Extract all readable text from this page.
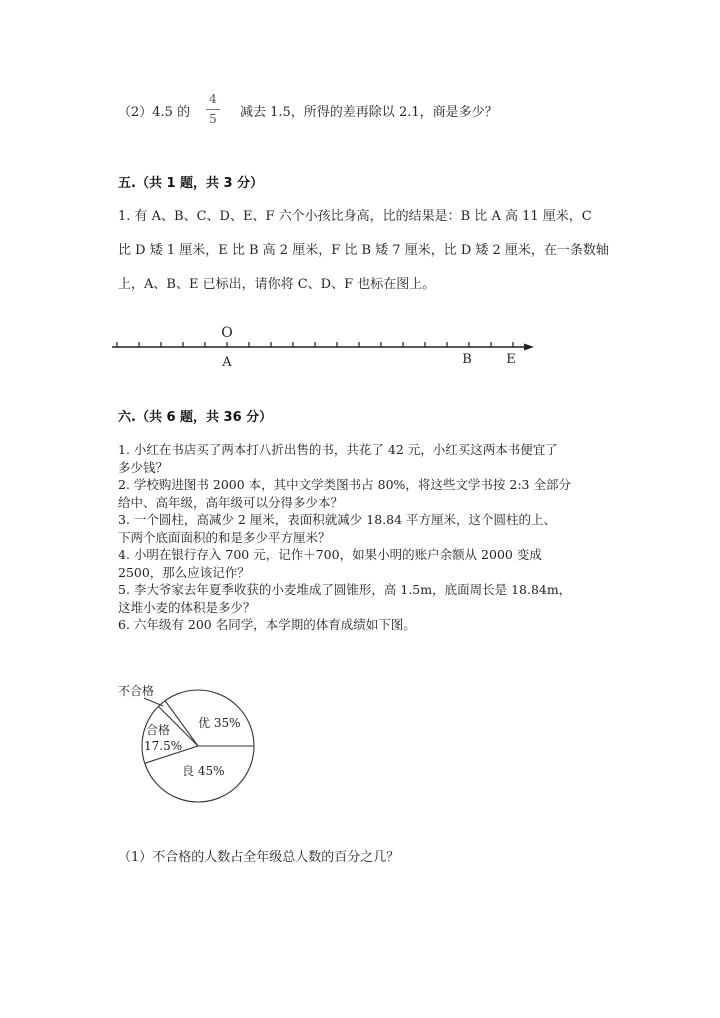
（2）4.5 的
4
5 减去 1.5，所得的差再除以 2.1，商是多少？
五.（共 1 题，共 3 分）
1. 有 A、B、C、D、E、F 六个小孩比身高，比的结果是：B 比 A 高 11 厘米，C
比 D 矮 1 厘米，E 比 B 高 2 厘米，F 比 B 矮 7 厘米，比 D 矮 2 厘米，在一条数轴
上，A、B、E 已标出，请你将 C、D、F 也标在图上。
O
A	B	E
六.（共 6 题，共 36 分）
1. 小红在书店买了两本打八折出售的书，共花了 42 元，小红买这两本书便宜了
多少钱？
2. 学校购进图书 2000 本，其中文学类图书占 80%，将这些文学书按 2:3 全部分
给中、高年级，高年级可以分得多少本？
3. 一个圆柱，高减少 2 厘米，表面积就减少 18.84 平方厘米，这个圆柱的上、
下两个底面面积的和是多少平方厘米？
4. 小明在银行存入 700 元，记作＋700，如果小明的账户余额从 2000 变成
2500，那么应该记作？
5. 李大爷家去年夏季收获的小麦堆成了圆锥形，高 1.5m，底面周长是 18.84m，
这堆小麦的体积是多少？
6. 六年级有 200 名同学，本学期的体育成绩如下图。
不合格
合格
17.5%
优 35%
良 45%
（1）不合格的人数占全年级总人数的百分之几？
